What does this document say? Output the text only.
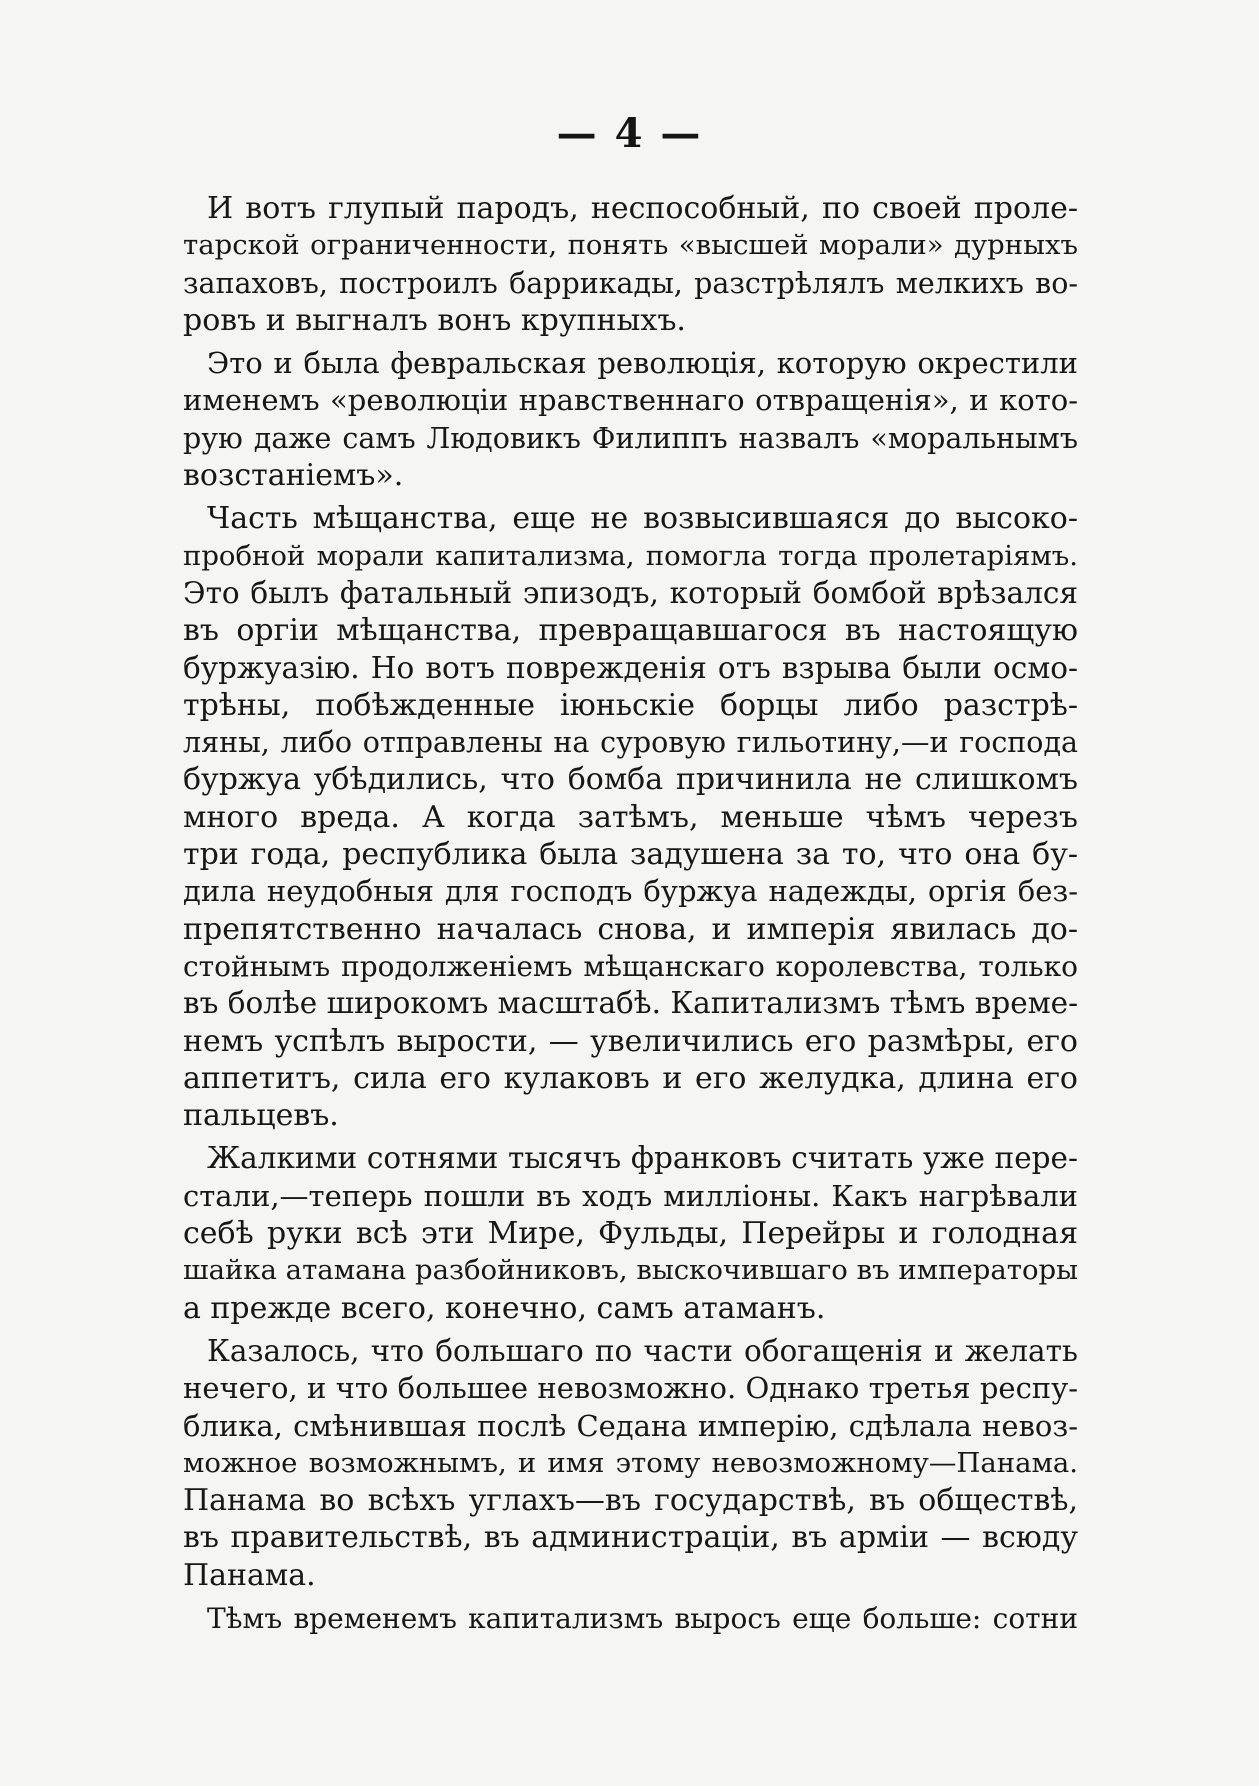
— 4 —
И вотъ глупый пародъ, неспособный, по своей проле-
тарской ограниченности, понять «высшей морали» дурныхъ
запаховъ, построилъ баррикады, разстрѣлялъ мелкихъ во-
ровъ и выгналъ вонъ крупныхъ.
Это и была февральская революція, которую окрестили
именемъ «революціи нравственнаго отвращенія», и кото-
рую даже самъ Людовикъ Филиппъ назвалъ «моральнымъ
возстаніемъ».
Часть мѣщанства, еще не возвысившаяся до высоко-
пробной морали капитализма, помогла тогда пролетаріямъ.
Это былъ фатальный эпизодъ, который бомбой врѣзался
въ оргіи мѣщанства, превращавшагося въ настоящую
буржуазію. Но вотъ поврежденія отъ взрыва были осмо-
трѣны, побѣжденные іюньскіе борцы либо разстрѣ-
ляны, либо отправлены на суровую гильотину,—и господа
буржуа убѣдились, что бомба причинила не слишкомъ
много вреда. А когда затѣмъ, меньше чѣмъ черезъ
три года, республика была задушена за то, что она бу-
дила неудобныя для господъ буржуа надежды, оргія без-
препятственно началась снова, и имперія явилась до-
стойнымъ продолженіемъ мѣщанскаго королевства, только
въ болѣе широкомъ масштабѣ. Капитализмъ тѣмъ време-
немъ успѣлъ вырости, — увеличились его размѣры, его
аппетитъ, сила его кулаковъ и его желудка, длина его
пальцевъ.
Жалкими сотнями тысячъ франковъ считать уже пере-
стали,—теперь пошли въ ходъ милліоны. Какъ нагрѣвали
себѣ руки всѣ эти Мире, Фульды, Перейры и голодная
шайка атамана разбойниковъ, выскочившаго въ императоры
а прежде всего, конечно, самъ атаманъ.
Казалось, что большаго по части обогащенія и желать
нечего, и что большее невозможно. Однако третья респу-
блика, смѣнившая послѣ Седана имперію, сдѣлала невоз-
можное возможнымъ, и имя этому невозможному—Панама.
Панама во всѣхъ углахъ—въ государствѣ, въ обществѣ,
въ правительствѣ, въ администраціи, въ арміи — всюду
Панама.
Тѣмъ временемъ капитализмъ выросъ еще больше: сотни
